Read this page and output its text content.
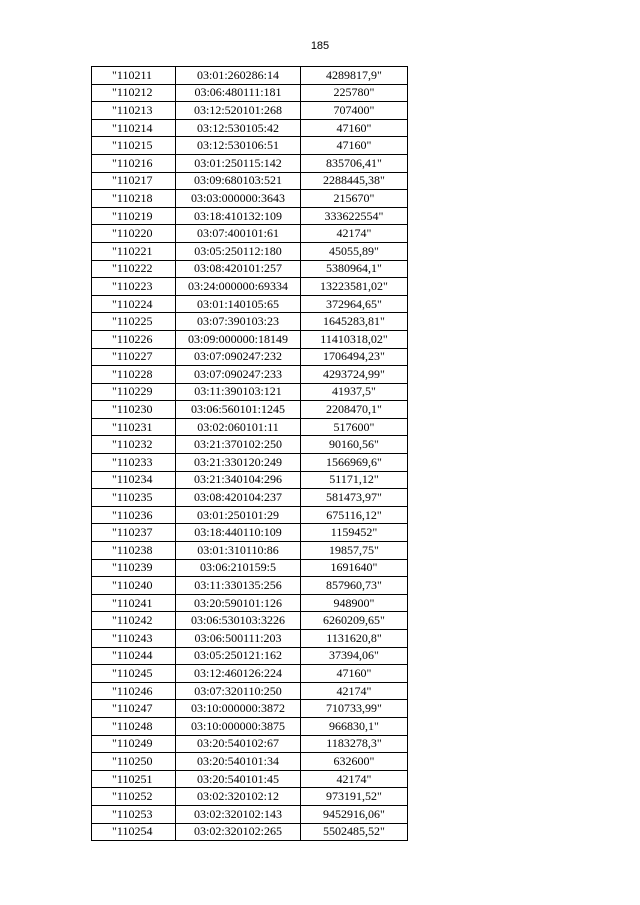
185
"110211	03:01:260286:14	4289817,9"
"110212	03:06:480111:181	225780"
"110213	03:12:520101:268	707400"
"110214	03:12:530105:42	47160"
"110215	03:12:530106:51	47160"
"110216	03:01:250115:142	835706,41"
"110217	03:09:680103:521	2288445,38"
"110218	03:03:000000:3643	215670"
"110219	03:18:410132:109	333622554"
"110220	03:07:400101:61	42174"
"110221	03:05:250112:180	45055,89"
"110222	03:08:420101:257	5380964,1"
"110223	03:24:000000:69334	13223581,02"
"110224	03:01:140105:65	372964,65"
"110225	03:07:390103:23	1645283,81"
"110226	03:09:000000:18149	11410318,02"
"110227	03:07:090247:232	1706494,23"
"110228	03:07:090247:233	4293724,99"
"110229	03:11:390103:121	41937,5"
"110230	03:06:560101:1245	2208470,1"
"110231	03:02:060101:11	517600"
"110232	03:21:370102:250	90160,56"
"110233	03:21:330120:249	1566969,6"
"110234	03:21:340104:296	51171,12"
"110235	03:08:420104:237	581473,97"
"110236	03:01:250101:29	675116,12"
"110237	03:18:440110:109	1159452"
"110238	03:01:310110:86	19857,75"
"110239	03:06:210159:5	1691640"
"110240	03:11:330135:256	857960,73"
"110241	03:20:590101:126	948900"
"110242	03:06:530103:3226	6260209,65"
"110243	03:06:500111:203	1131620,8"
"110244	03:05:250121:162	37394,06"
"110245	03:12:460126:224	47160"
"110246	03:07:320110:250	42174"
"110247	03:10:000000:3872	710733,99"
"110248	03:10:000000:3875	966830,1"
"110249	03:20:540102:67	1183278,3"
"110250	03:20:540101:34	632600"
"110251	03:20:540101:45	42174"
"110252	03:02:320102:12	973191,52"
"110253	03:02:320102:143	9452916,06"
"110254	03:02:320102:265	5502485,52"
